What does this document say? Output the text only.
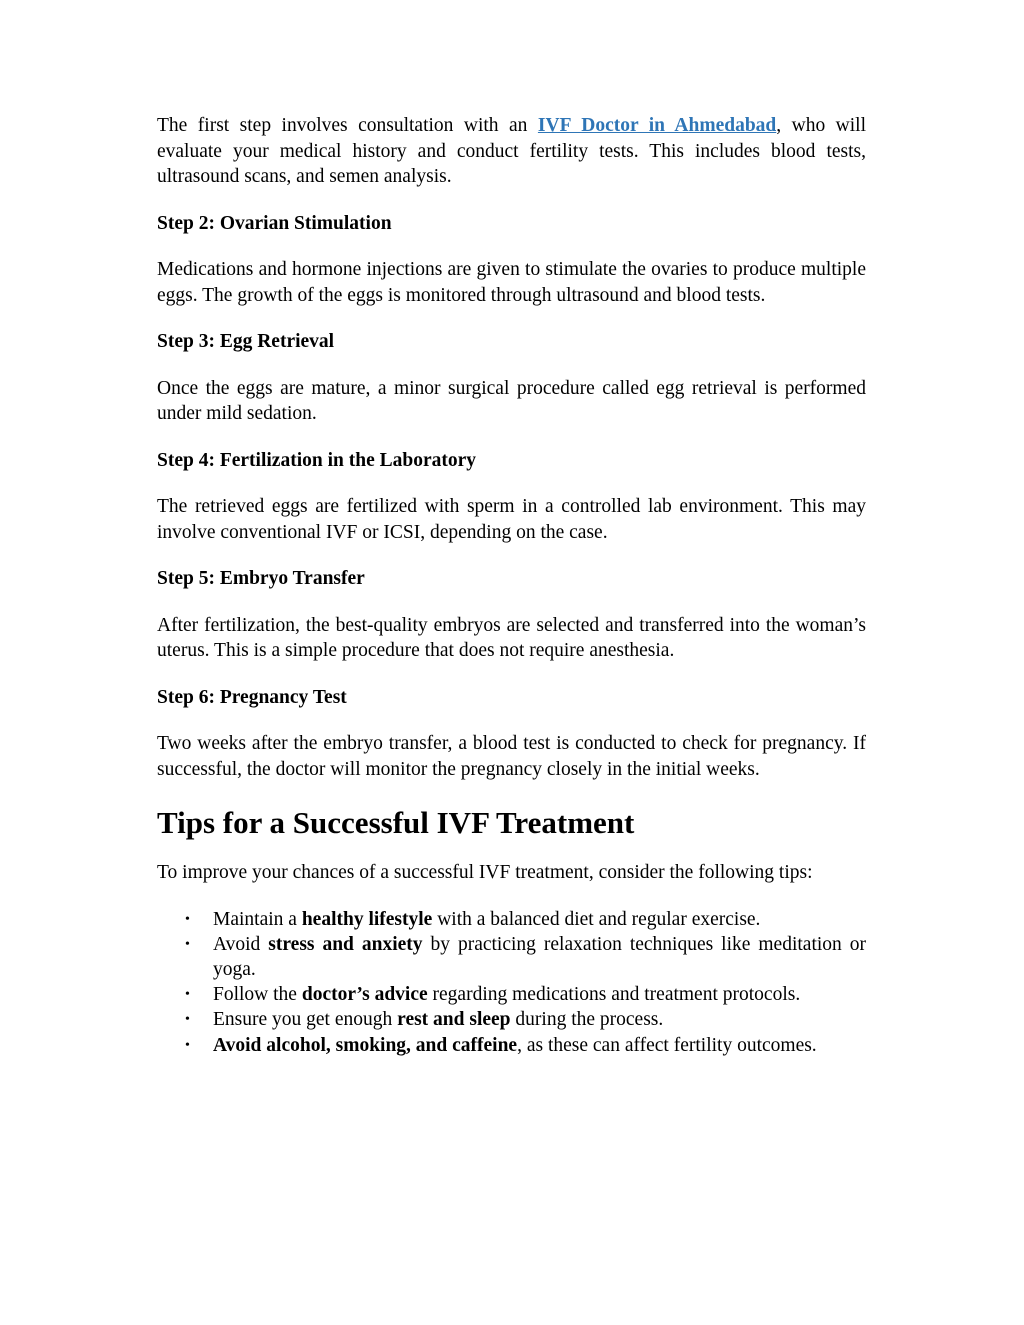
The first step involves consultation with an IVF Doctor in Ahmedabad, who will evaluate your medical history and conduct fertility tests. This includes blood tests, ultrasound scans, and semen analysis.

Step 2: Ovarian Stimulation

Medications and hormone injections are given to stimulate the ovaries to produce multiple eggs. The growth of the eggs is monitored through ultrasound and blood tests.

Step 3: Egg Retrieval

Once the eggs are mature, a minor surgical procedure called egg retrieval is performed under mild sedation.

Step 4: Fertilization in the Laboratory

The retrieved eggs are fertilized with sperm in a controlled lab environment. This may involve conventional IVF or ICSI, depending on the case.

Step 5: Embryo Transfer

After fertilization, the best-quality embryos are selected and transferred into the woman’s uterus. This is a simple procedure that does not require anesthesia.

Step 6: Pregnancy Test

Two weeks after the embryo transfer, a blood test is conducted to check for pregnancy. If successful, the doctor will monitor the pregnancy closely in the initial weeks.

Tips for a Successful IVF Treatment

To improve your chances of a successful IVF treatment, consider the following tips:

• Maintain a healthy lifestyle with a balanced diet and regular exercise.
• Avoid stress and anxiety by practicing relaxation techniques like meditation or yoga.
• Follow the doctor’s advice regarding medications and treatment protocols.
• Ensure you get enough rest and sleep during the process.
• Avoid alcohol, smoking, and caffeine, as these can affect fertility outcomes.
